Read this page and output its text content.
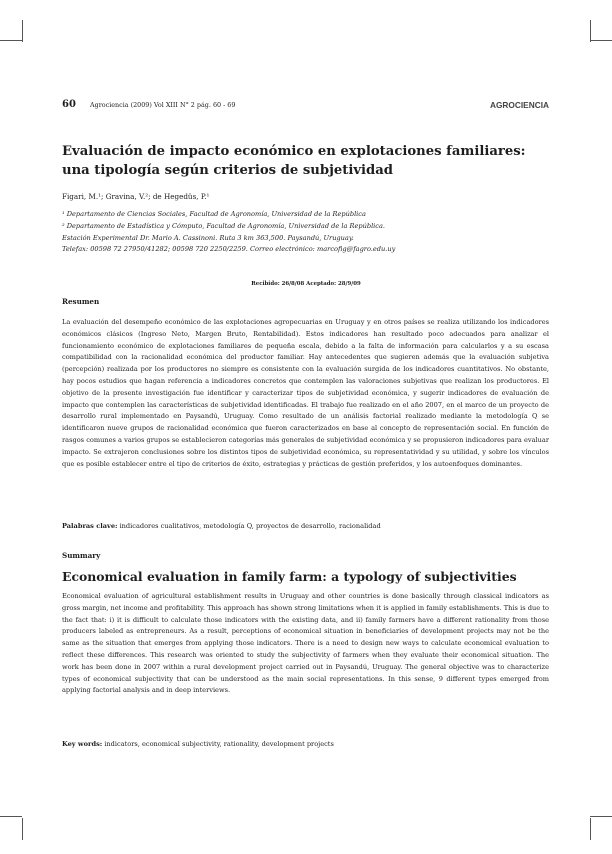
60 Agrociencia (2009) Vol XIII N° 2 pág. 60 - 69	AGROCIENCIA
Evaluación de impacto económico en explotaciones familiares: una tipología según criterios de subjetividad
Figari, M.¹; Gravina, V.²; de Hegedüs, P.¹
¹ Departamento de Ciencias Sociales, Facultad de Agronomía, Universidad de la República
² Departamento de Estadística y Cómputo, Facultad de Agronomía, Universidad de la República.
Estación Experimental Dr. Mario A. Cassinoni. Ruta 3 km 363,500. Paysandú, Uruguay.
Telefax: 00598 72 27950/41282; 00598 720 2250/2259. Correo electrónico: marcofig@fagro.edu.uy
Recibido: 26/8/08 Aceptado: 28/9/09
Resumen

La evaluación del desempeño económico de las explotaciones agropecuarias en Uruguay y en otros países se realiza utilizando los indicadores económicos clásicos (Ingreso Neto, Margen Bruto, Rentabilidad). Estos indicadores han resultado poco adecuados para analizar el funcionamiento económico de explotaciones familiares de pequeña escala, debido a la falta de información para calcularlos y a su escasa compatibilidad con la racionalidad económica del productor familiar. Hay antecedentes que sugieren además que la evaluación subjetiva (percepción) realizada por los productores no siempre es consistente con la evaluación surgida de los indicadores cuantitativos. No obstante, hay pocos estudios que hagan referencia a indicadores concretos que contemplen las valoraciones subjetivas que realizan los productores. El objetivo de la presente investigación fue identificar y caracterizar tipos de subjetividad económica, y sugerir indicadores de evaluación de impacto que contemplen las características de subjetividad identificadas. El trabajo fue realizado en el año 2007, en el marco de un proyecto de desarrollo rural implementado en Paysandú, Uruguay. Como resultado de un análisis factorial realizado mediante la metodología Q se identificaron nueve grupos de racionalidad económica que fueron caracterizados en base al concepto de representación social. En función de rasgos comunes a varios grupos se establecieron categorías más generales de subjetividad económica y se propusieron indicadores para evaluar impacto. Se extrajeron conclusiones sobre los distintos tipos de subjetividad económica, su representatividad y su utilidad, y sobre los vínculos que es posible establecer entre el tipo de criterios de éxito, estrategias y prácticas de gestión preferidos, y los autoenfoques dominantes.

Palabras clave: indicadores cualitativos, metodología Q, proyectos de desarrollo, racionalidad
Summary
Economical evaluation in family farm: a typology of subjectivities

Economical evaluation of agricultural establishment results in Uruguay and other countries is done basically through classical indicators as gross margin, net income and profitability. This approach has shown strong limitations when it is applied in family establishments. This is due to the fact that: i) it is difficult to calculate those indicators with the existing data, and ii) family farmers have a different rationality from those producers labeled as entrepreneurs. As a result, perceptions of economical situation in beneficiaries of development projects may not be the same as the situation that emerges from applying those indicators. There is a need to design new ways to calculate economical evaluation to reflect these differences. This research was oriented to study the subjectivity of farmers when they evaluate their economical situation. The work has been done in 2007 within a rural development project carried out in Paysandú, Uruguay. The general objective was to characterize types of economical subjectivity that can be understood as the main social representations. In this sense, 9 different types emerged from applying factorial analysis and in deep interviews.

Key words: indicators, economical subjectivity, rationality, development projects
